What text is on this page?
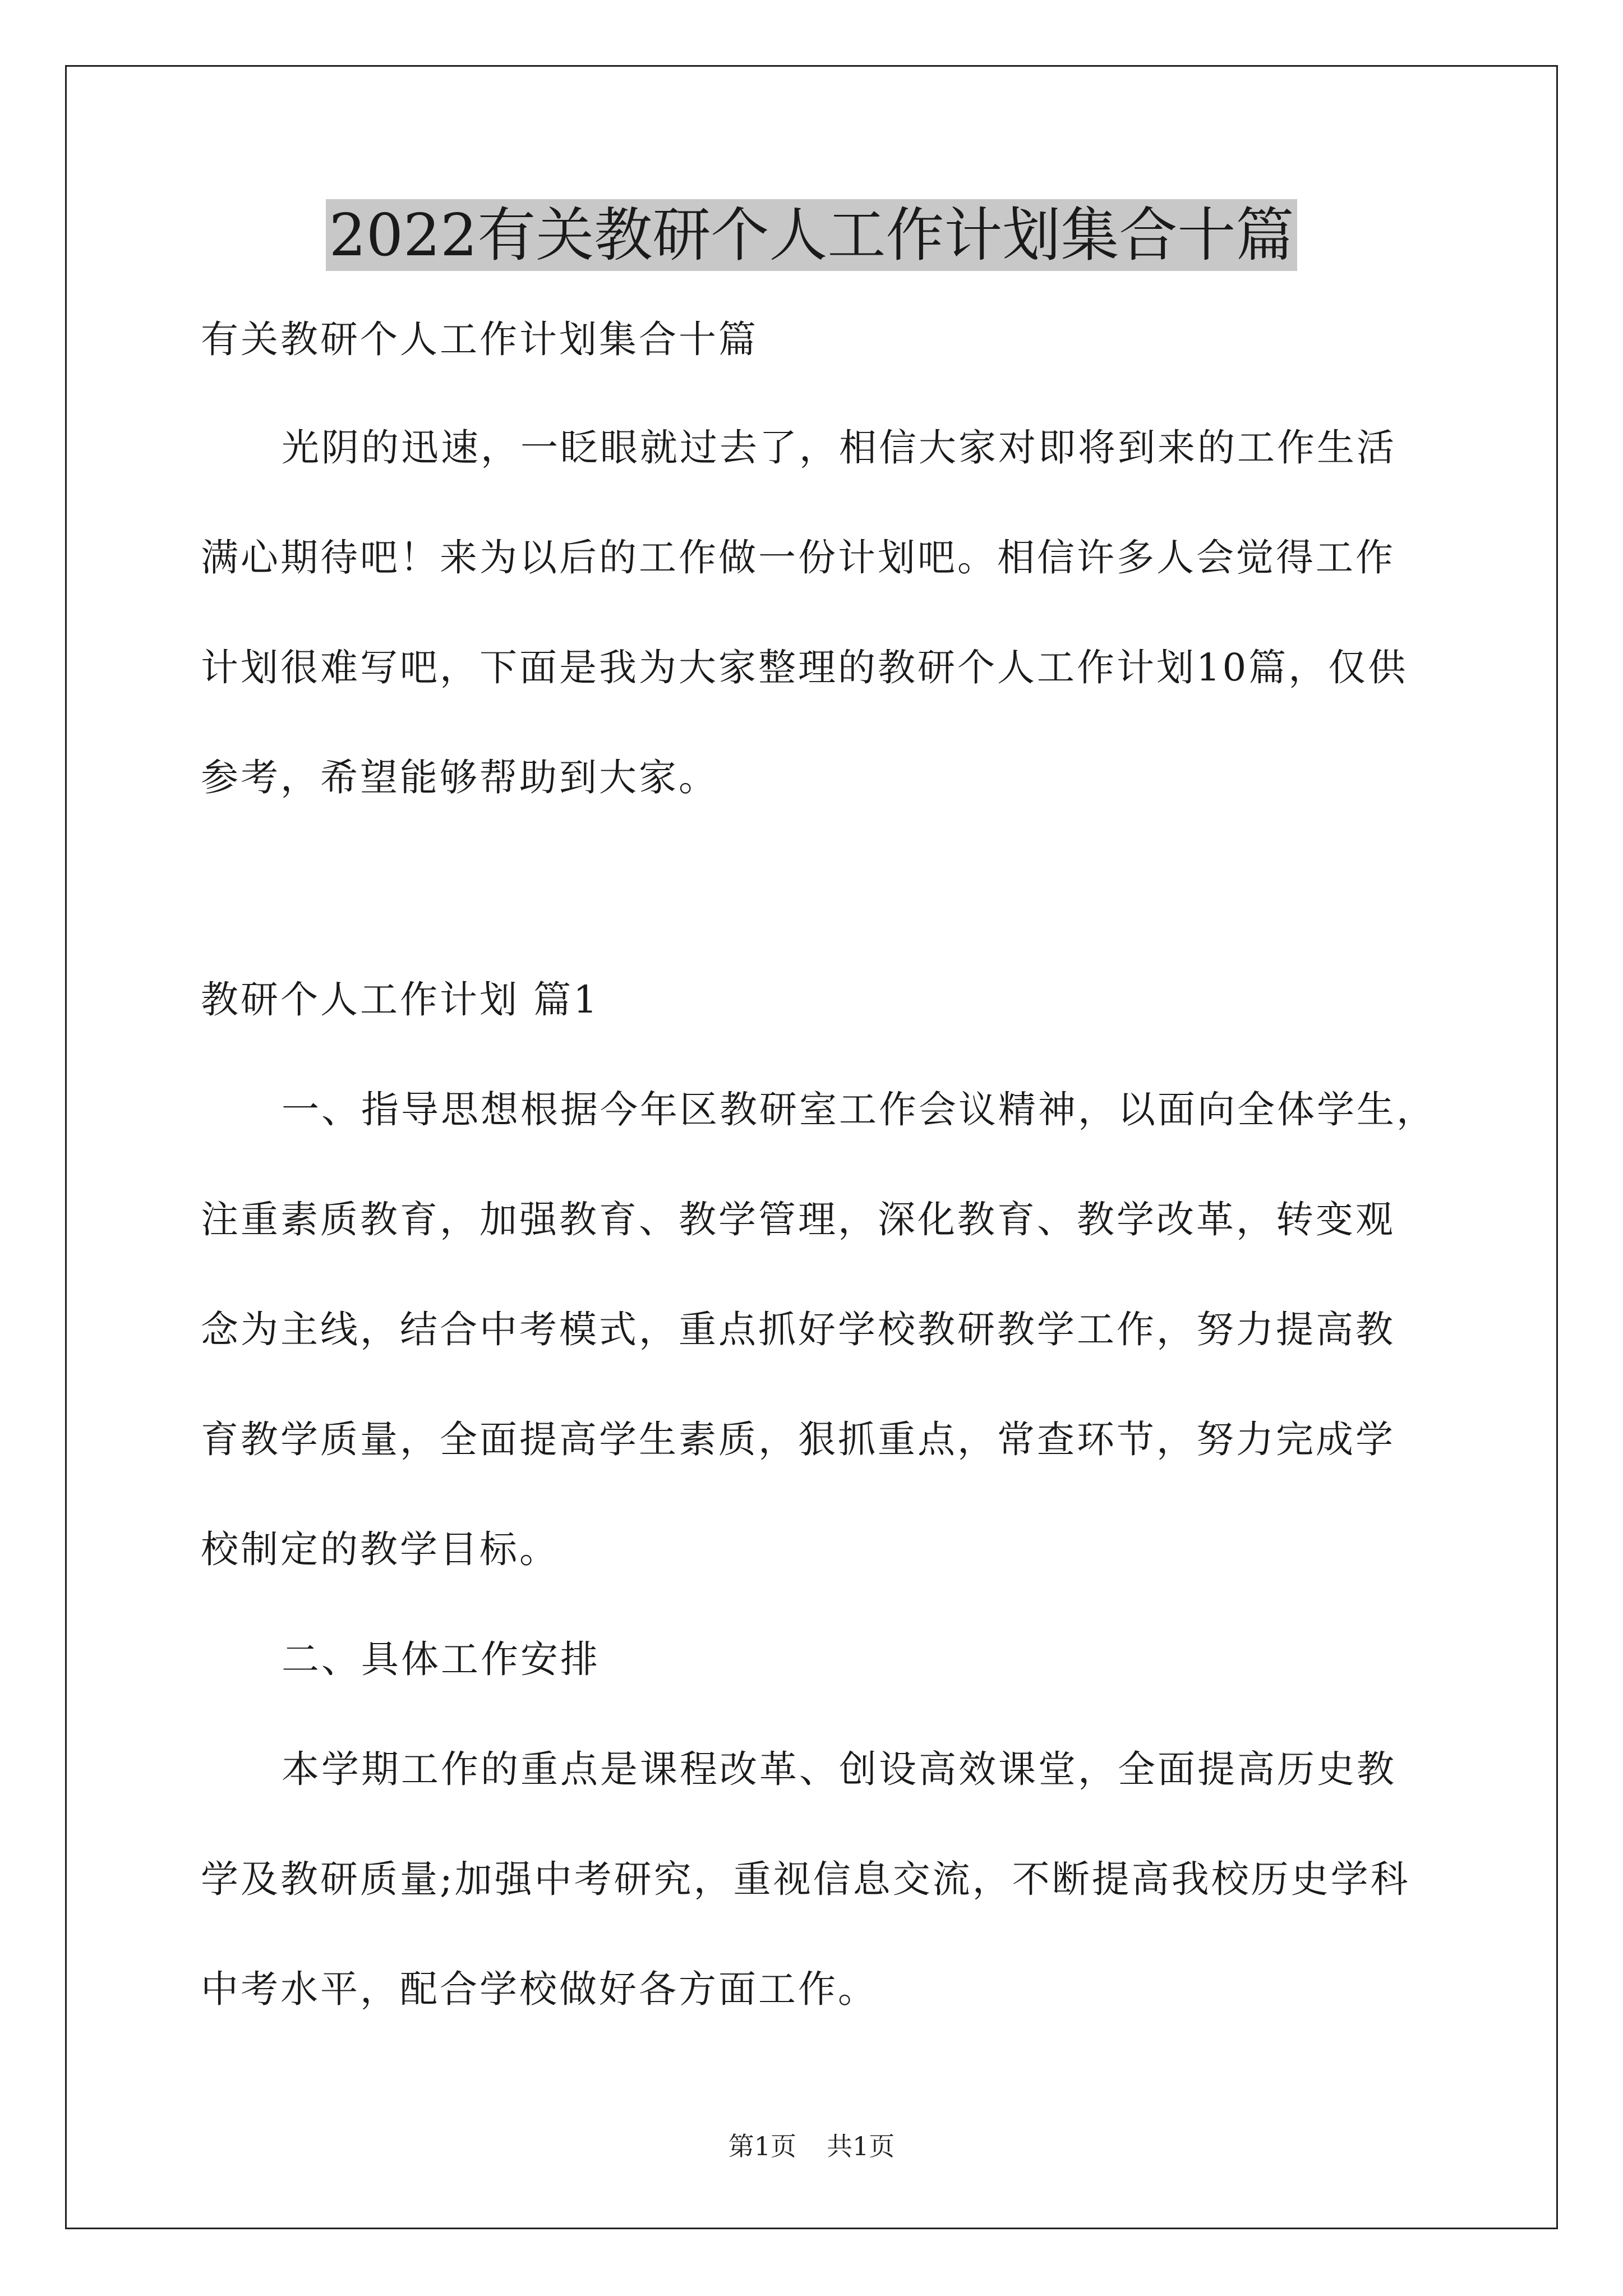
2022有关教研个人工作计划集合十篇
有关教研个人工作计划集合十篇
光阴的迅速，一眨眼就过去了，相信大家对即将到来的工作生活
满心期待吧！来为以后的工作做一份计划吧。相信许多人会觉得工作
计划很难写吧，下面是我为大家整理的教研个人工作计划10篇，仅供
参考，希望能够帮助到大家。
教研个人工作计划 篇1
一、指导思想根据今年区教研室工作会议精神，以面向全体学生，
注重素质教育，加强教育、教学管理，深化教育、教学改革，转变观
念为主线，结合中考模式，重点抓好学校教研教学工作，努力提高教
育教学质量，全面提高学生素质，狠抓重点，常查环节，努力完成学
校制定的教学目标。
二、具体工作安排
本学期工作的重点是课程改革、创设高效课堂，全面提高历史教
学及教研质量;加强中考研究，重视信息交流，不断提高我校历史学科
中考水平，配合学校做好各方面工作。
第1页 共1页
